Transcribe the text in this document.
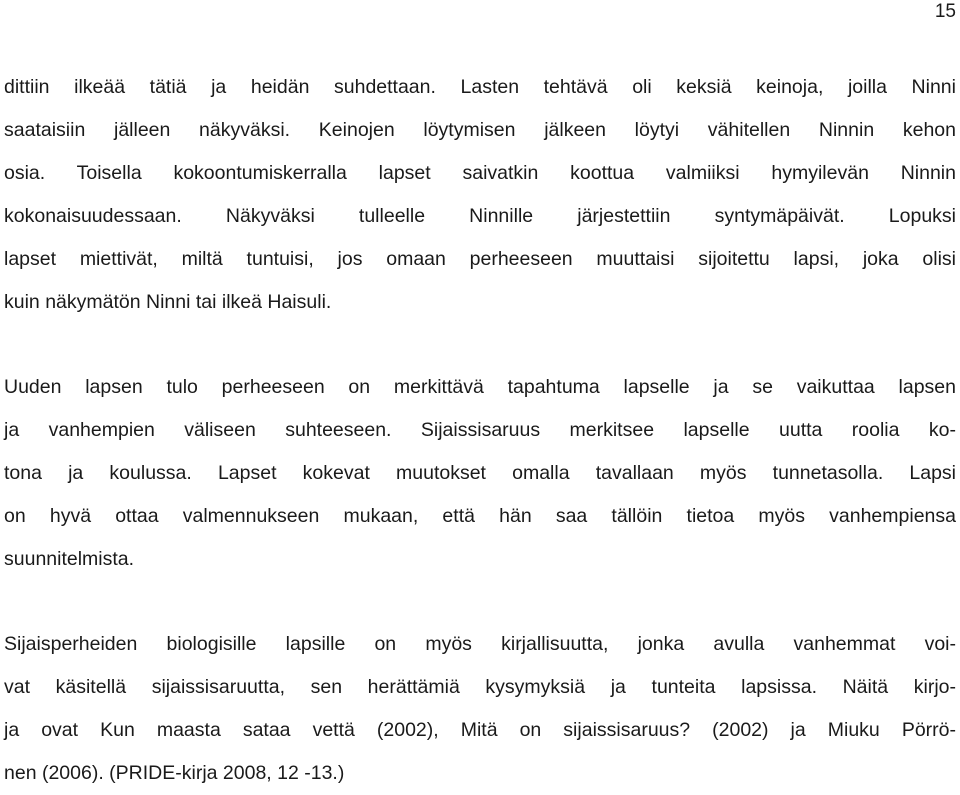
15
dittiin ilkeää tätiä ja heidän suhdettaan. Lasten tehtävä oli keksiä keinoja, joilla Ninni
saataisiin jälleen näkyväksi. Keinojen löytymisen jälkeen löytyi vähitellen Ninnin kehon
osia. Toisella kokoontumiskerralla lapset saivatkin koottua valmiiksi hymyilevän Ninnin
kokonaisuudessaan. Näkyväksi tulleelle Ninnille järjestettiin syntymäpäivät. Lopuksi
lapset miettivät, miltä tuntuisi, jos omaan perheeseen muuttaisi sijoitettu lapsi, joka olisi
kuin näkymätön Ninni tai ilkeä Haisuli.
Uuden lapsen tulo perheeseen on merkittävä tapahtuma lapselle ja se vaikuttaa lapsen
ja vanhempien väliseen suhteeseen. Sijaissisaruus merkitsee lapselle uutta roolia ko-
tona ja koulussa. Lapset kokevat muutokset omalla tavallaan myös tunnetasolla. Lapsi
on hyvä ottaa valmennukseen mukaan, että hän saa tällöin tietoa myös vanhempiensa
suunnitelmista.
Sijaisperheiden biologisille lapsille on myös kirjallisuutta, jonka avulla vanhemmat voi-
vat käsitellä sijaissisaruutta, sen herättämiä kysymyksiä ja tunteita lapsissa. Näitä kirjo-
ja ovat Kun maasta sataa vettä (2002), Mitä on sijaissisaruus? (2002) ja Miuku Pörrö-
nen (2006). (PRIDE-kirja 2008, 12 -13.)
